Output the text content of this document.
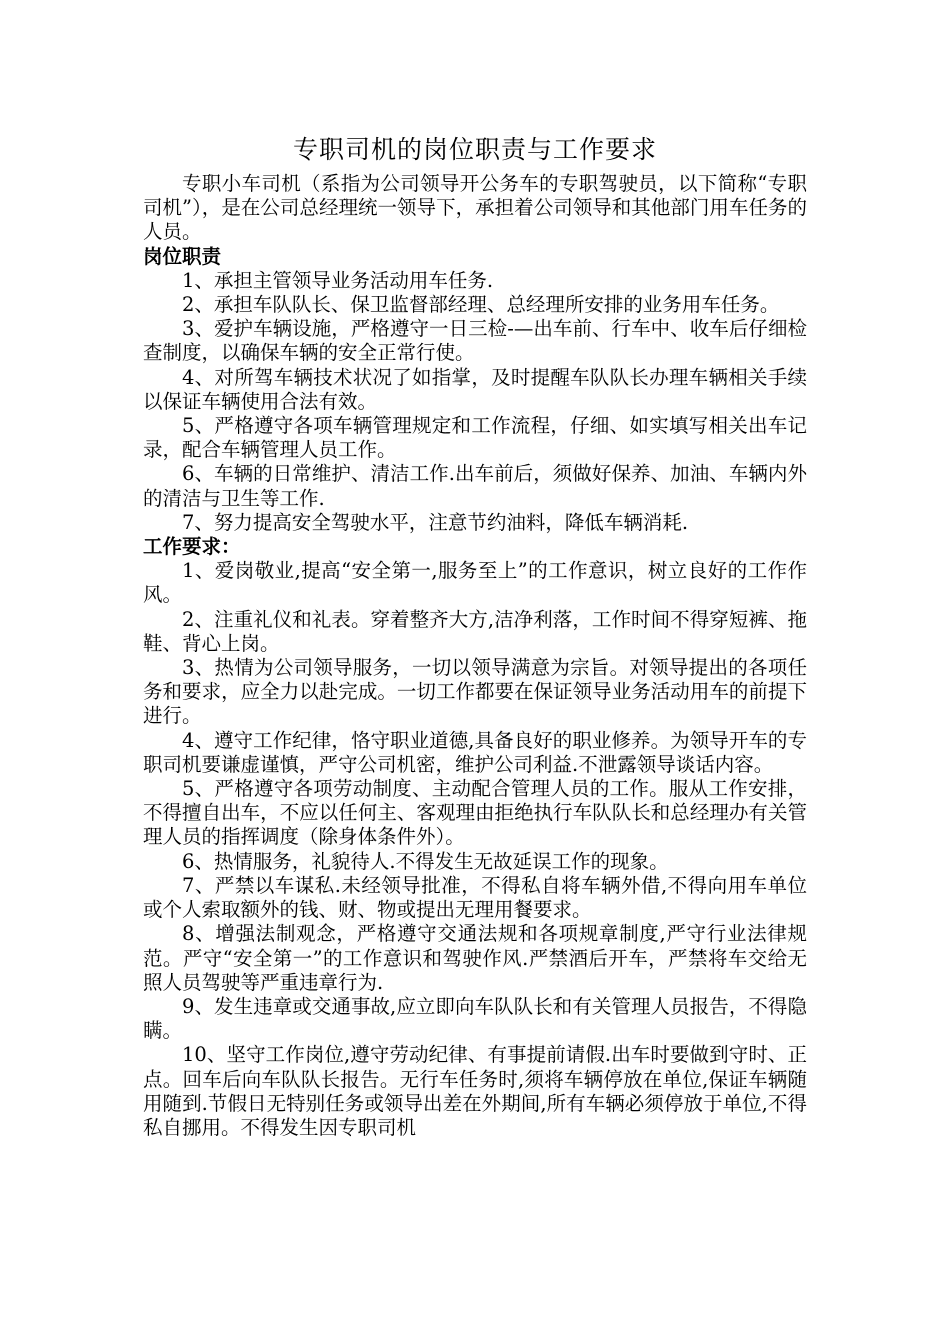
专职司机的岗位职责与工作要求

专职小车司机（系指为公司领导开公务车的专职驾驶员，以下简称“专职司机”），是在公司总经理统一领导下，承担着公司领导和其他部门用车任务的人员。

岗位职责

1、承担主管领导业务活动用车任务.

2、承担车队队长、保卫监督部经理、总经理所安排的业务用车任务。

3、爱护车辆设施，严格遵守一日三检-—出车前、行车中、收车后仔细检查制度，以确保车辆的安全正常行使。

4、对所驾车辆技术状况了如指掌，及时提醒车队队长办理车辆相关手续以保证车辆使用合法有效。

5、严格遵守各项车辆管理规定和工作流程，仔细、如实填写相关出车记录，配合车辆管理人员工作。

6、车辆的日常维护、清洁工作.出车前后，须做好保养、加油、车辆内外的清洁与卫生等工作.

7、努力提高安全驾驶水平，注意节约油料，降低车辆消耗.

工作要求：

1、爱岗敬业,提高“安全第一,服务至上”的工作意识，树立良好的工作作风。

2、注重礼仪和礼表。穿着整齐大方,洁净利落，工作时间不得穿短裤、拖鞋、背心上岗。

3、热情为公司领导服务，一切以领导满意为宗旨。对领导提出的各项任务和要求，应全力以赴完成。一切工作都要在保证领导业务活动用车的前提下进行。

4、遵守工作纪律，恪守职业道德,具备良好的职业修养。为领导开车的专职司机要谦虚谨慎，严守公司机密，维护公司利益.不泄露领导谈话内容。

5、严格遵守各项劳动制度、主动配合管理人员的工作。服从工作安排，不得擅自出车，不应以任何主、客观理由拒绝执行车队队长和总经理办有关管理人员的指挥调度（除身体条件外）。

6、热情服务，礼貌待人.不得发生无故延误工作的现象。

7、严禁以车谋私.未经领导批准，不得私自将车辆外借,不得向用车单位或个人索取额外的钱、财、物或提出无理用餐要求。

8、增强法制观念，严格遵守交通法规和各项规章制度,严守行业法律规范。严守“安全第一”的工作意识和驾驶作风.严禁酒后开车，严禁将车交给无照人员驾驶等严重违章行为.

9、发生违章或交通事故,应立即向车队队长和有关管理人员报告，不得隐瞒。

10、坚守工作岗位,遵守劳动纪律、有事提前请假.出车时要做到守时、正点。回车后向车队队长报告。无行车任务时,须将车辆停放在单位,保证车辆随用随到.节假日无特别任务或领导出差在外期间,所有车辆必须停放于单位,不得私自挪用。不得发生因专职司机
